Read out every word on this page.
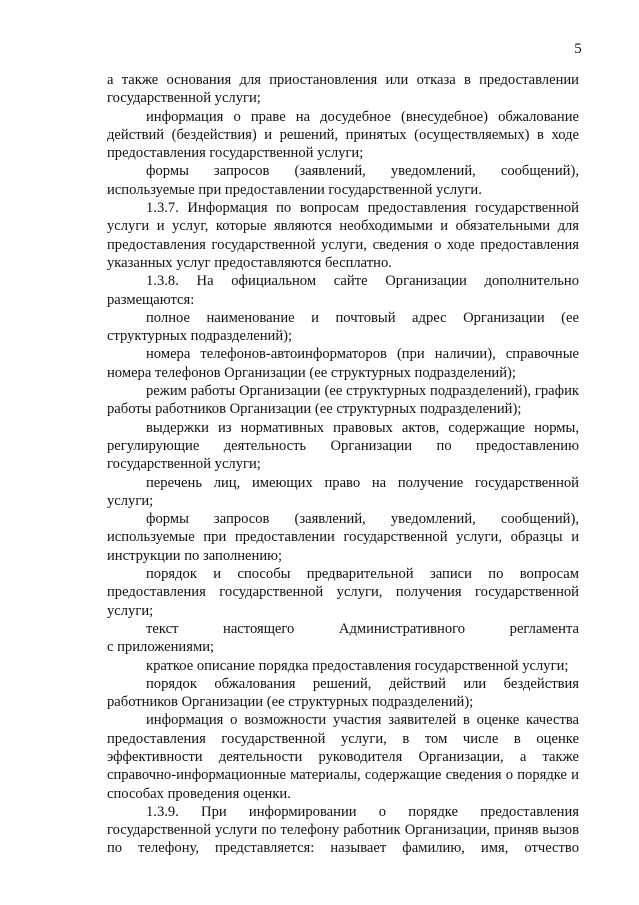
5

а также основания для приостановления или отказа в предоставлении государственной услуги;

информация о праве на досудебное (внесудебное) обжалование действий (бездействия) и решений, принятых (осуществляемых) в ходе предоставления государственной услуги;

формы запросов (заявлений, уведомлений, сообщений), используемые при предоставлении государственной услуги.

1.3.7. Информация по вопросам предоставления государственной услуги и услуг, которые являются необходимыми и обязательными для предоставления государственной услуги, сведения о ходе предоставления указанных услуг предоставляются бесплатно.

1.3.8. На официальном сайте Организации дополнительно размещаются:

полное наименование и почтовый адрес Организации (ее структурных подразделений);

номера телефонов-автоинформаторов (при наличии), справочные номера телефонов Организации (ее структурных подразделений);

режим работы Организации (ее структурных подразделений), график работы работников Организации (ее структурных подразделений);

выдержки из нормативных правовых актов, содержащие нормы, регулирующие деятельность Организации по предоставлению государственной услуги;

перечень лиц, имеющих право на получение государственной услуги;

формы запросов (заявлений, уведомлений, сообщений), используемые при предоставлении государственной услуги, образцы и инструкции по заполнению;

порядок и способы предварительной записи по вопросам предоставления государственной услуги, получения государственной услуги;

текст настоящего Административного регламента

с приложениями;

краткое описание порядка предоставления государственной услуги;

порядок обжалования решений, действий или бездействия работников Организации (ее структурных подразделений);

информация о возможности участия заявителей в оценке качества предоставления государственной услуги, в том числе в оценке эффективности деятельности руководителя Организации, а также справочно-информационные материалы, содержащие сведения о порядке и способах проведения оценки.

1.3.9. При информировании о порядке предоставления государственной услуги по телефону работник Организации, приняв вызов по телефону, представляется: называет фамилию, имя, отчество
